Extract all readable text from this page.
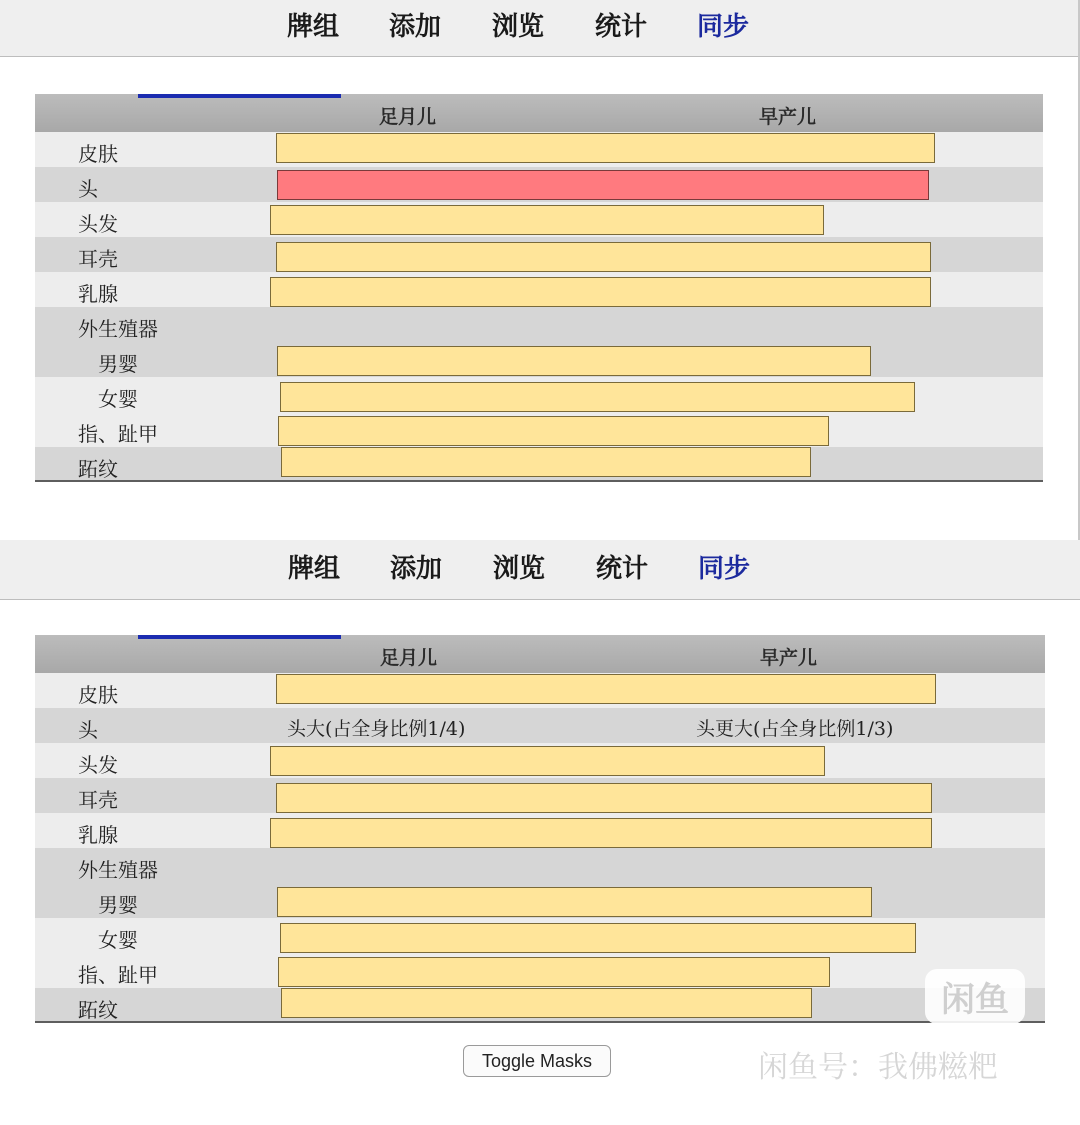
牌组	添加	浏览	统计	同步
足月儿	早产儿
皮肤
头
头发
耳壳
乳腺
外生殖器
男婴
女婴
指、趾甲
跖纹
牌组	添加	浏览	统计	同步
足月儿	早产儿
皮肤
头	头大(占全身比例1/4)	头更大(占全身比例1/3)
头发
耳壳
乳腺
外生殖器
男婴
女婴
指、趾甲
跖纹
Toggle Masks
闲鱼
闲鱼号：我佛糍粑
